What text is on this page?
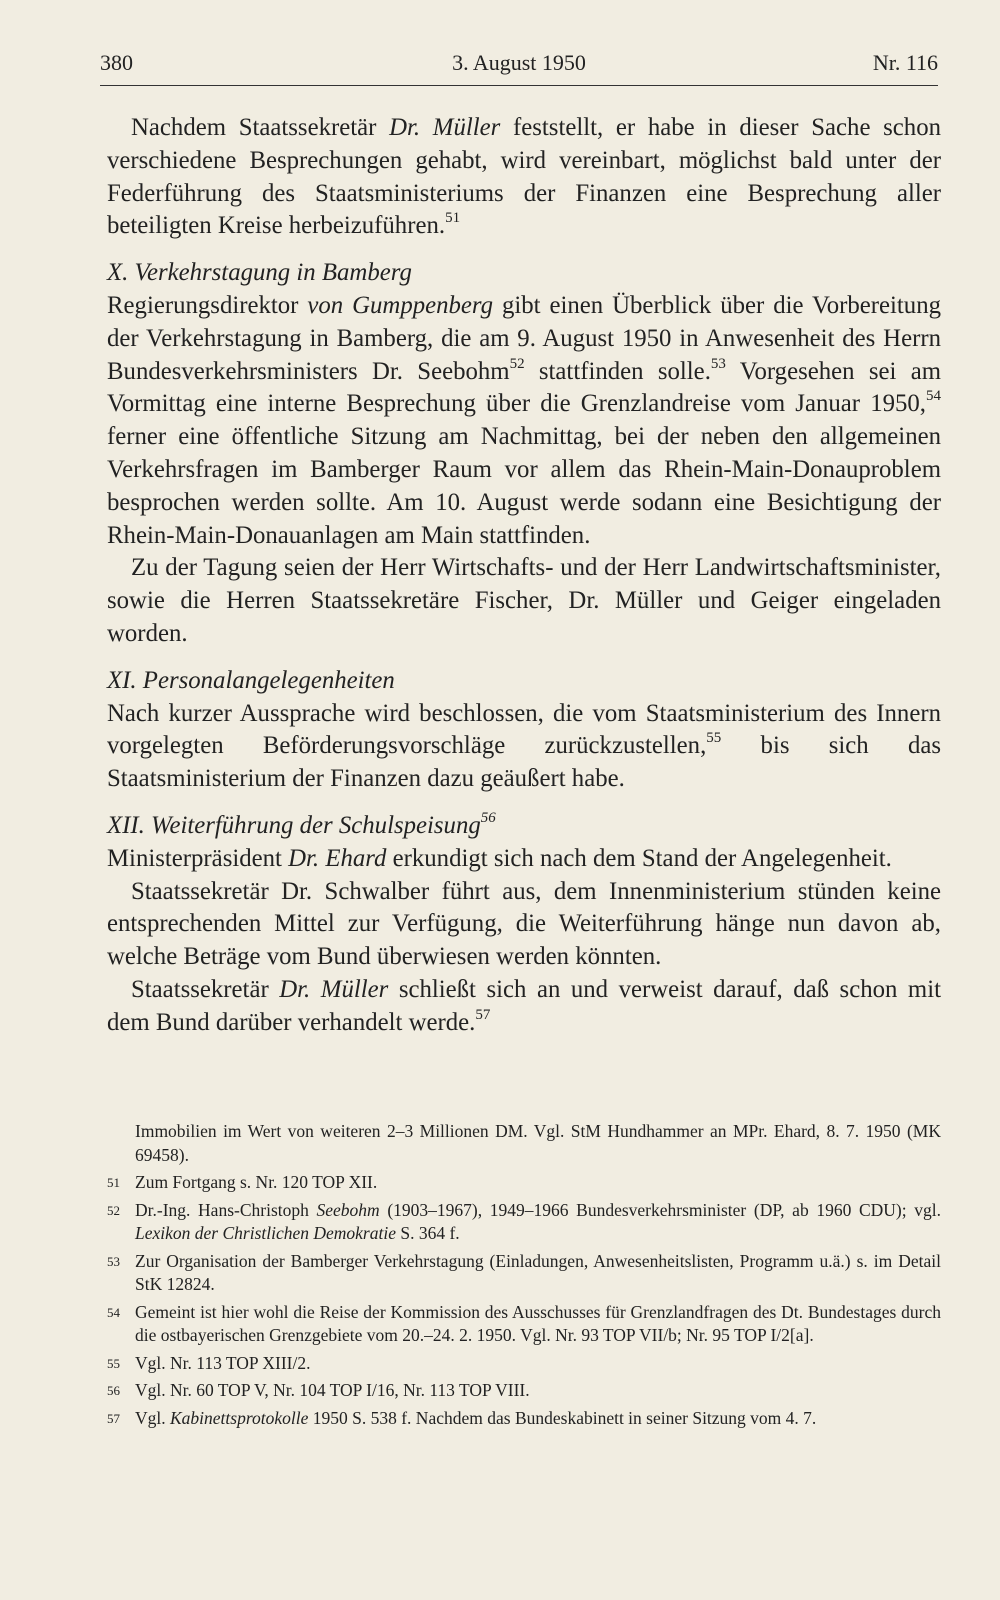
380	3. August 1950	Nr. 116

Nachdem Staatssekretär Dr. Müller feststellt, er habe in dieser Sache schon verschiedene Besprechungen gehabt, wird vereinbart, möglichst bald unter der Federführung des Staatsministeriums der Finanzen eine Besprechung aller beteiligten Kreise herbeizuführen.$^{51}$

X. Verkehrstagung in Bamberg

Regierungsdirektor von Gumppenberg gibt einen Überblick über die Vorbereitung der Verkehrstagung in Bamberg, die am 9. August 1950 in Anwesenheit des Herrn Bundesverkehrsministers Dr. Seebohm$^{52}$ stattfinden solle.$^{53}$ Vorgesehen sei am Vormittag eine interne Besprechung über die Grenzlandreise vom Januar 1950,54 ferner eine öffentliche Sitzung am Nachmittag, bei der neben den allgemeinen Verkehrsfragen im Bamberger Raum vor allem das Rhein-Main-Donauproblem besprochen werden sollte. Am 10. August werde sodann eine Besichtigung der Rhein-Main-Donauanlagen am Main stattfinden.

Zu der Tagung seien der Herr Wirtschafts- und der Herr Landwirtschaftsminister, sowie die Herren Staatssekretäre Fischer, Dr. Müller und Geiger eingeladen worden.

XI. Personalangelegenheiten

Nach kurzer Aussprache wird beschlossen, die vom Staatsministerium des Innern vorgelegten Beförderungsvorschläge zurückzustellen,$^{55}$ bis sich das Staatsministerium der Finanzen dazu geäußert habe.

XII. Weiterführung der Schulspeisung$^{56}$

Ministerpräsident Dr. Ehard erkundigt sich nach dem Stand der Angelegenheit.

Staatssekretär Dr. Schwalber führt aus, dem Innenministerium stünden keine entsprechenden Mittel zur Verfügung, die Weiterführung hänge nun davon ab, welche Beträge vom Bund überwiesen werden könnten.

Staatssekretär Dr. Müller schließt sich an und verweist darauf, daß schon mit dem Bund darüber verhandelt werde.$^{57}$

Immobilien im Wert von weiteren 2–3 Millionen DM. Vgl. StM Hundhammer an MPr. Ehard, 8. 7. 1950 (MK 69458).
51 Zum Fortgang s. Nr. 120 TOP XII.
52 Dr.-Ing. Hans-Christoph Seebohm (1903–1967), 1949–1966 Bundesverkehrsminister (DP, ab 1960 CDU); vgl. Lexikon der Christlichen Demokratie S. 364 f.
53 Zur Organisation der Bamberger Verkehrstagung (Einladungen, Anwesenheitslisten, Programm u.ä.) s. im Detail StK 12824.
54 Gemeint ist hier wohl die Reise der Kommission des Ausschusses für Grenzlandfragen des Dt. Bundestages durch die ostbayerischen Grenzgebiete vom 20.–24. 2. 1950. Vgl. Nr. 93 TOP VII/b; Nr. 95 TOP I/2[a].
55 Vgl. Nr. 113 TOP XIII/2.
56 Vgl. Nr. 60 TOP V, Nr. 104 TOP I/16, Nr. 113 TOP VIII.
57 Vgl. Kabinettsprotokolle 1950 S. 538 f. Nachdem das Bundeskabinett in seiner Sitzung vom 4. 7.
